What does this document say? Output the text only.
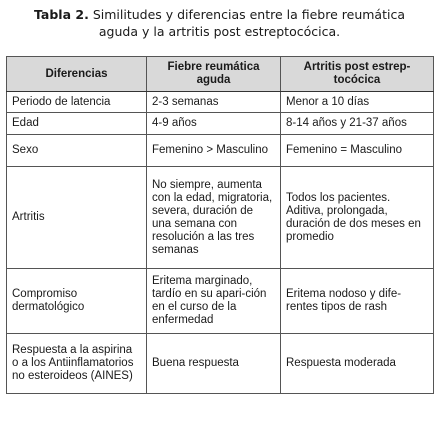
Tabla 2. Similitudes y diferencias entre la fiebre reumática
aguda y la artritis post estreptocócica.
Diferencias	Fiebre reumática aguda	Artritis post estrep-tocócica
Periodo de latencia	2-3 semanas	Menor a 10 días
Edad	4-9 años	8-14 años y 21-37 años
Sexo	Femenino > Masculino	Femenino = Masculino
Artritis	No siempre, aumenta con la edad, migratoria, severa, duración de una semana con resolución a las tres semanas	Todos los pacientes. Aditiva, prolongada, duración de dos meses en promedio
Compromiso dermatológico	Eritema marginado, tardío en su apari-ción en el curso de la enfermedad	Eritema nodoso y dife-rentes tipos de rash
Respuesta a la aspirina o a los Antiinflamatorios no esteroideos (AINES)	Buena respuesta	Respuesta moderada
